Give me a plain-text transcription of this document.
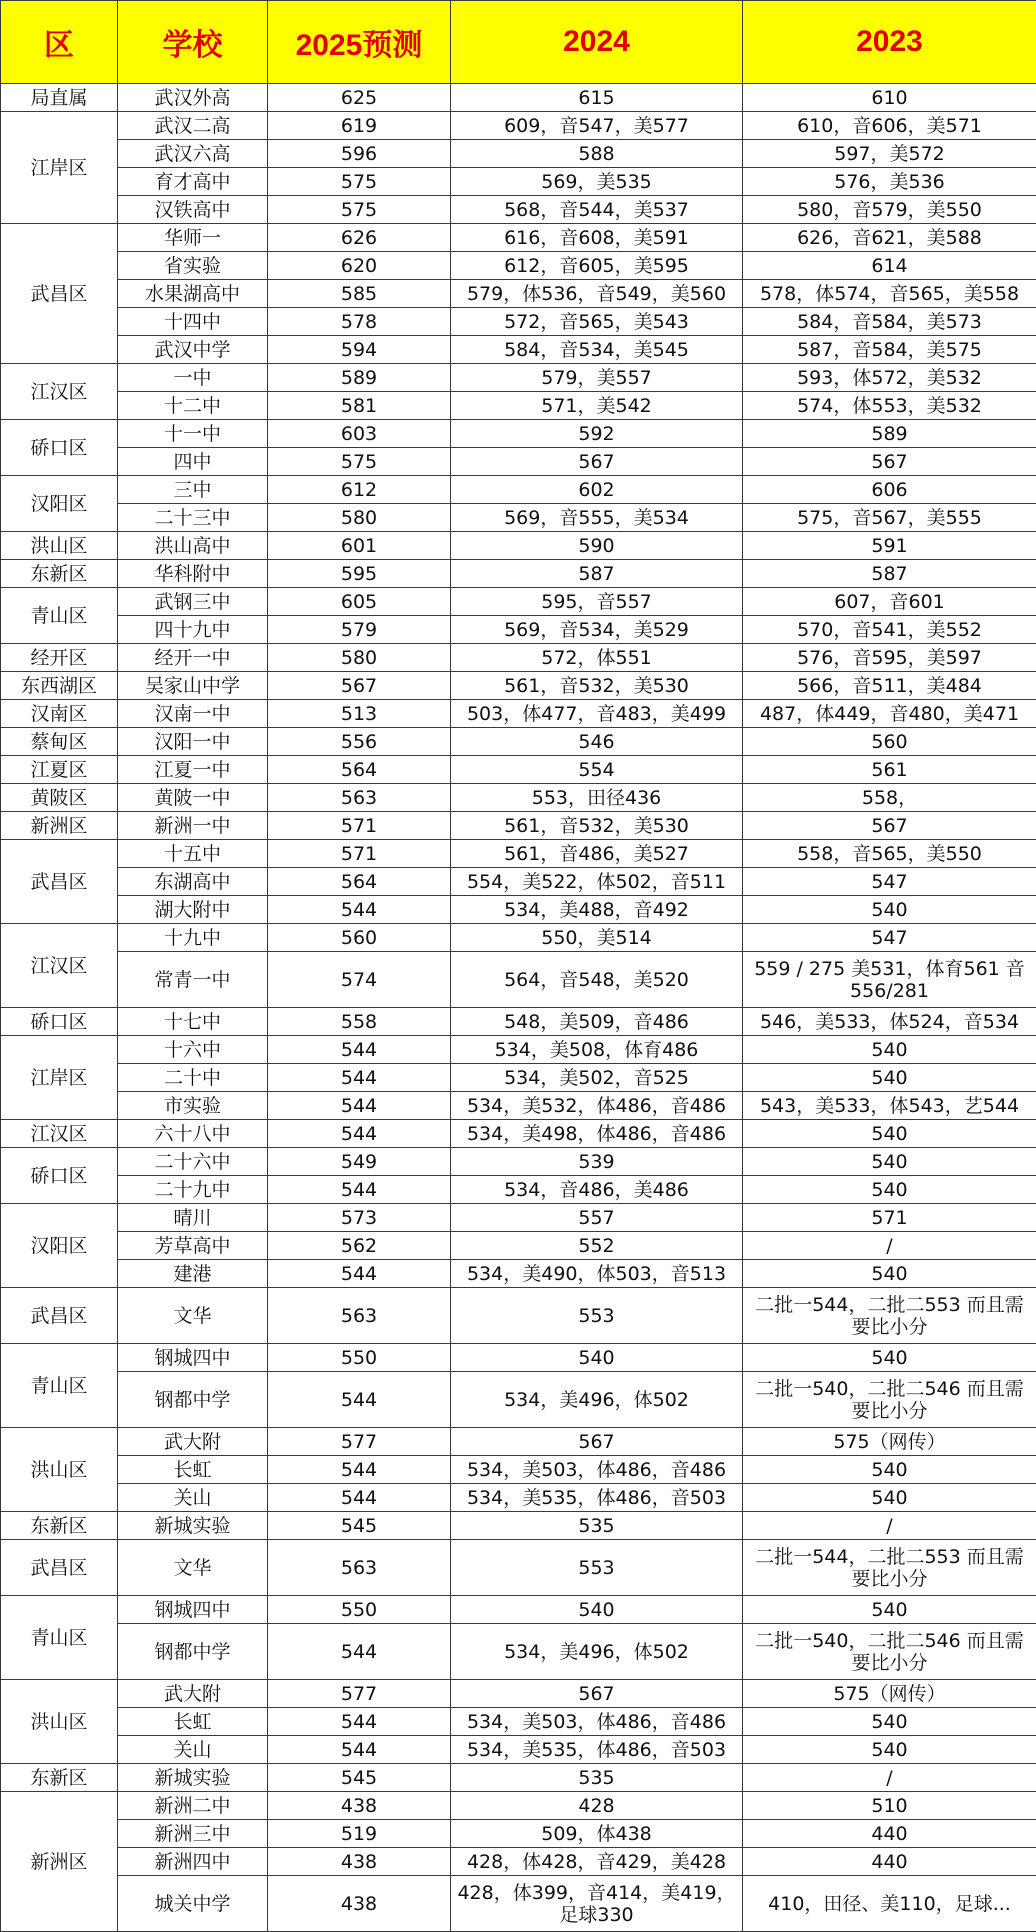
区	学校	2025预测	2024	2023
局直属	武汉外高	625	615	610
江岸区	武汉二高	619	609，音547，美577	610，音606，美571
	武汉六高	596	588	597，美572
	育才高中	575	569，美535	576，美536
	汉铁高中	575	568，音544，美537	580，音579，美550
武昌区	华师一	626	616，音608，美591	626，音621，美588
	省实验	620	612，音605，美595	614
	水果湖高中	585	579，体536，音549，美560	578，体574，音565，美558
	十四中	578	572，音565，美543	584，音584，美573
	武汉中学	594	584，音534，美545	587，音584，美575
江汉区	一中	589	579，美557	593，体572，美532
	十二中	581	571，美542	574，体553，美532
硚口区	十一中	603	592	589
	四中	575	567	567
汉阳区	三中	612	602	606
	二十三中	580	569，音555，美534	575，音567，美555
洪山区	洪山高中	601	590	591
东新区	华科附中	595	587	587
青山区	武钢三中	605	595，音557	607，音601
	四十九中	579	569，音534，美529	570，音541，美552
经开区	经开一中	580	572，体551	576，音595，美597
东西湖区	吴家山中学	567	561，音532，美530	566，音511，美484
汉南区	汉南一中	513	503，体477，音483，美499	487，体449，音480，美471
蔡甸区	汉阳一中	556	546	560
江夏区	江夏一中	564	554	561
黄陂区	黄陂一中	563	553，田径436	558，
新洲区	新洲一中	571	561，音532，美530	567
武昌区	十五中	571	561，音486，美527	558，音565，美550
	东湖高中	564	554，美522，体502，音511	547
	湖大附中	544	534，美488，音492	540
江汉区	十九中	560	550，美514	547
	常青一中	574	564，音548，美520	559 / 275 美531，体育561 音556/281
硚口区	十七中	558	548，美509，音486	546，美533，体524，音534
江岸区	十六中	544	534，美508，体育486	540
	二十中	544	534，美502，音525	540
	市实验	544	534，美532，体486，音486	543，美533，体543，艺544
江汉区	六十八中	544	534，美498，体486，音486	540
硚口区	二十六中	549	539	540
	二十九中	544	534，音486，美486	540
汉阳区	晴川	573	557	571
	芳草高中	562	552	/
	建港	544	534，美490，体503，音513	540
武昌区	文华	563	553	二批一544，二批二553 而且需要比小分
青山区	钢城四中	550	540	540
	钢都中学	544	534，美496，体502	二批一540，二批二546 而且需要比小分
洪山区	武大附	577	567	575（网传）
	长虹	544	534，美503，体486，音486	540
	关山	544	534，美535，体486，音503	540
东新区	新城实验	545	535	/
武昌区	文华	563	553	二批一544，二批二553 而且需要比小分
青山区	钢城四中	550	540	540
	钢都中学	544	534，美496，体502	二批一540，二批二546 而且需要比小分
洪山区	武大附	577	567	575（网传）
	长虹	544	534，美503，体486，音486	540
	关山	544	534，美535，体486，音503	540
东新区	新城实验	545	535	/
新洲区	新洲二中	438	428	510
	新洲三中	519	509，体438	440
	新洲四中	438	428，体428，音429，美428	440
	城关中学	438	428，体399，音414，美419，足球330	410，田径、美110，足球...
